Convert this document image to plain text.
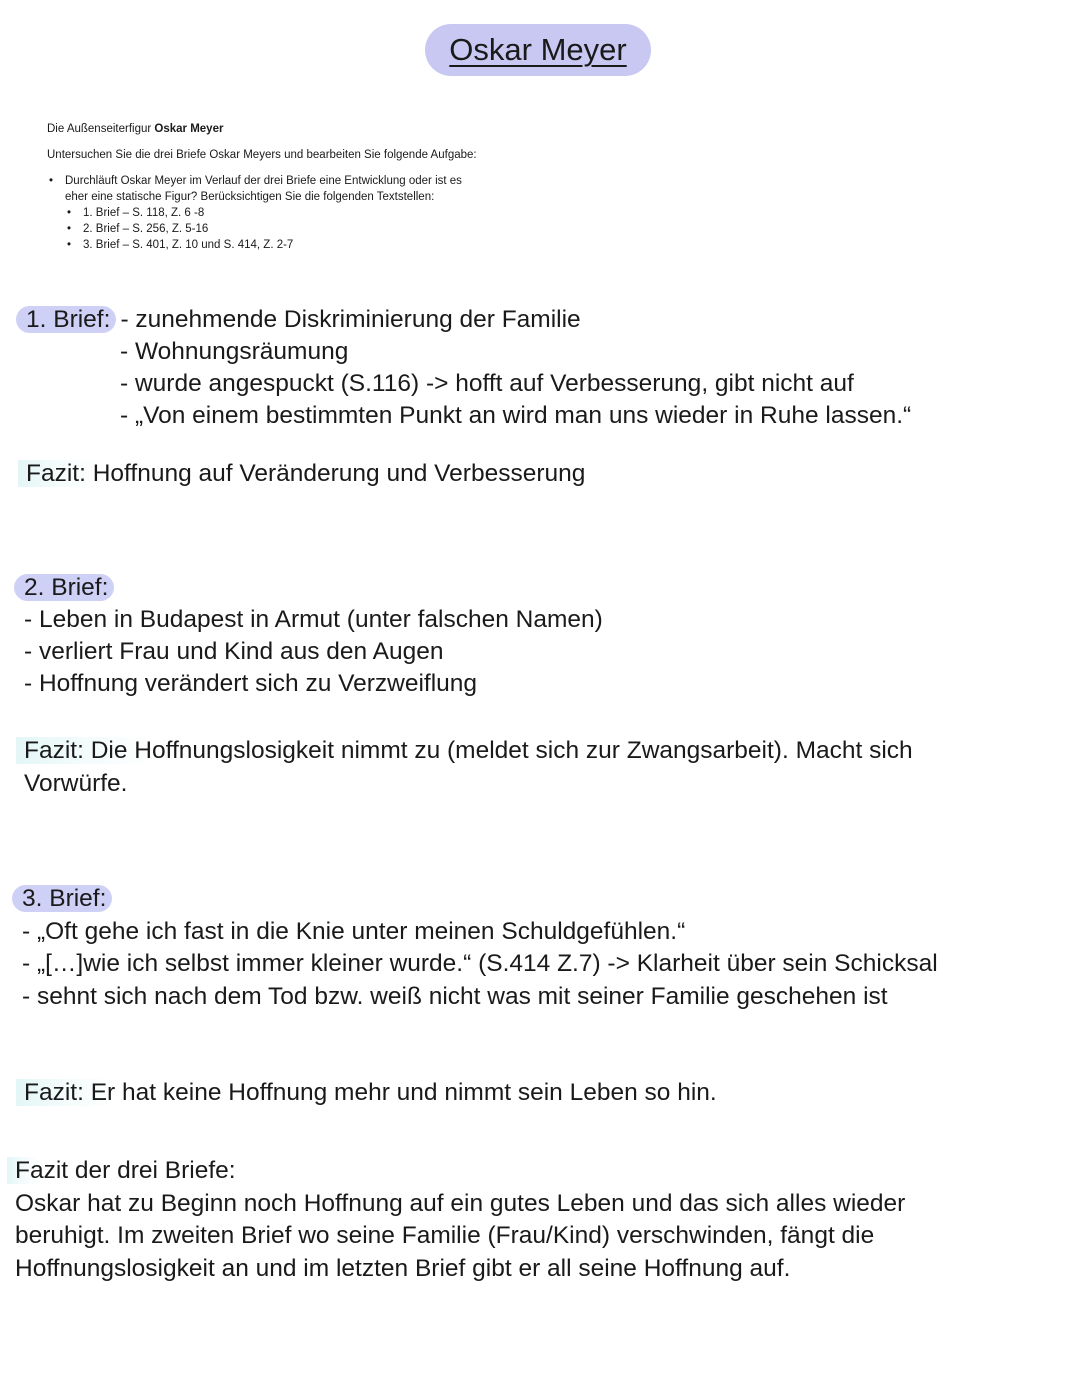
Oskar Meyer
Die Außenseiterfigur Oskar Meyer
Untersuchen Sie die drei Briefe Oskar Meyers und bearbeiten Sie folgende Aufgabe:
• Durchläuft Oskar Meyer im Verlauf der drei Briefe eine Entwicklung oder ist es
eher eine statische Figur? Berücksichtigen Sie die folgenden Textstellen:
• 1. Brief – S. 118, Z. 6 -8
• 2. Brief – S. 256, Z. 5-16
• 3. Brief – S. 401, Z. 10 und S. 414, Z. 2-7
1. Brief: - zunehmende Diskriminierung der Familie
- Wohnungsräumung
- wurde angespuckt (S.116) -> hofft auf Verbesserung, gibt nicht auf
- „Von einem bestimmten Punkt an wird man uns wieder in Ruhe lassen.“
Fazit: Hoffnung auf Veränderung und Verbesserung
2. Brief:
- Leben in Budapest in Armut (unter falschen Namen)
- verliert Frau und Kind aus den Augen
- Hoffnung verändert sich zu Verzweiflung
Fazit: Die Hoffnungslosigkeit nimmt zu (meldet sich zur Zwangsarbeit). Macht sich Vorwürfe.
3. Brief:
- „Oft gehe ich fast in die Knie unter meinen Schuldgefühlen.“
- „[…]wie ich selbst immer kleiner wurde.“ (S.414 Z.7) -> Klarheit über sein Schicksal
- sehnt sich nach dem Tod bzw. weiß nicht was mit seiner Familie geschehen ist
Fazit: Er hat keine Hoffnung mehr und nimmt sein Leben so hin.
Fazit der drei Briefe:
Oskar hat zu Beginn noch Hoffnung auf ein gutes Leben und das sich alles wieder beruhigt. Im zweiten Brief wo seine Familie (Frau/Kind) verschwinden, fängt die Hoffnungslosigkeit an und im letzten Brief gibt er all seine Hoffnung auf.
